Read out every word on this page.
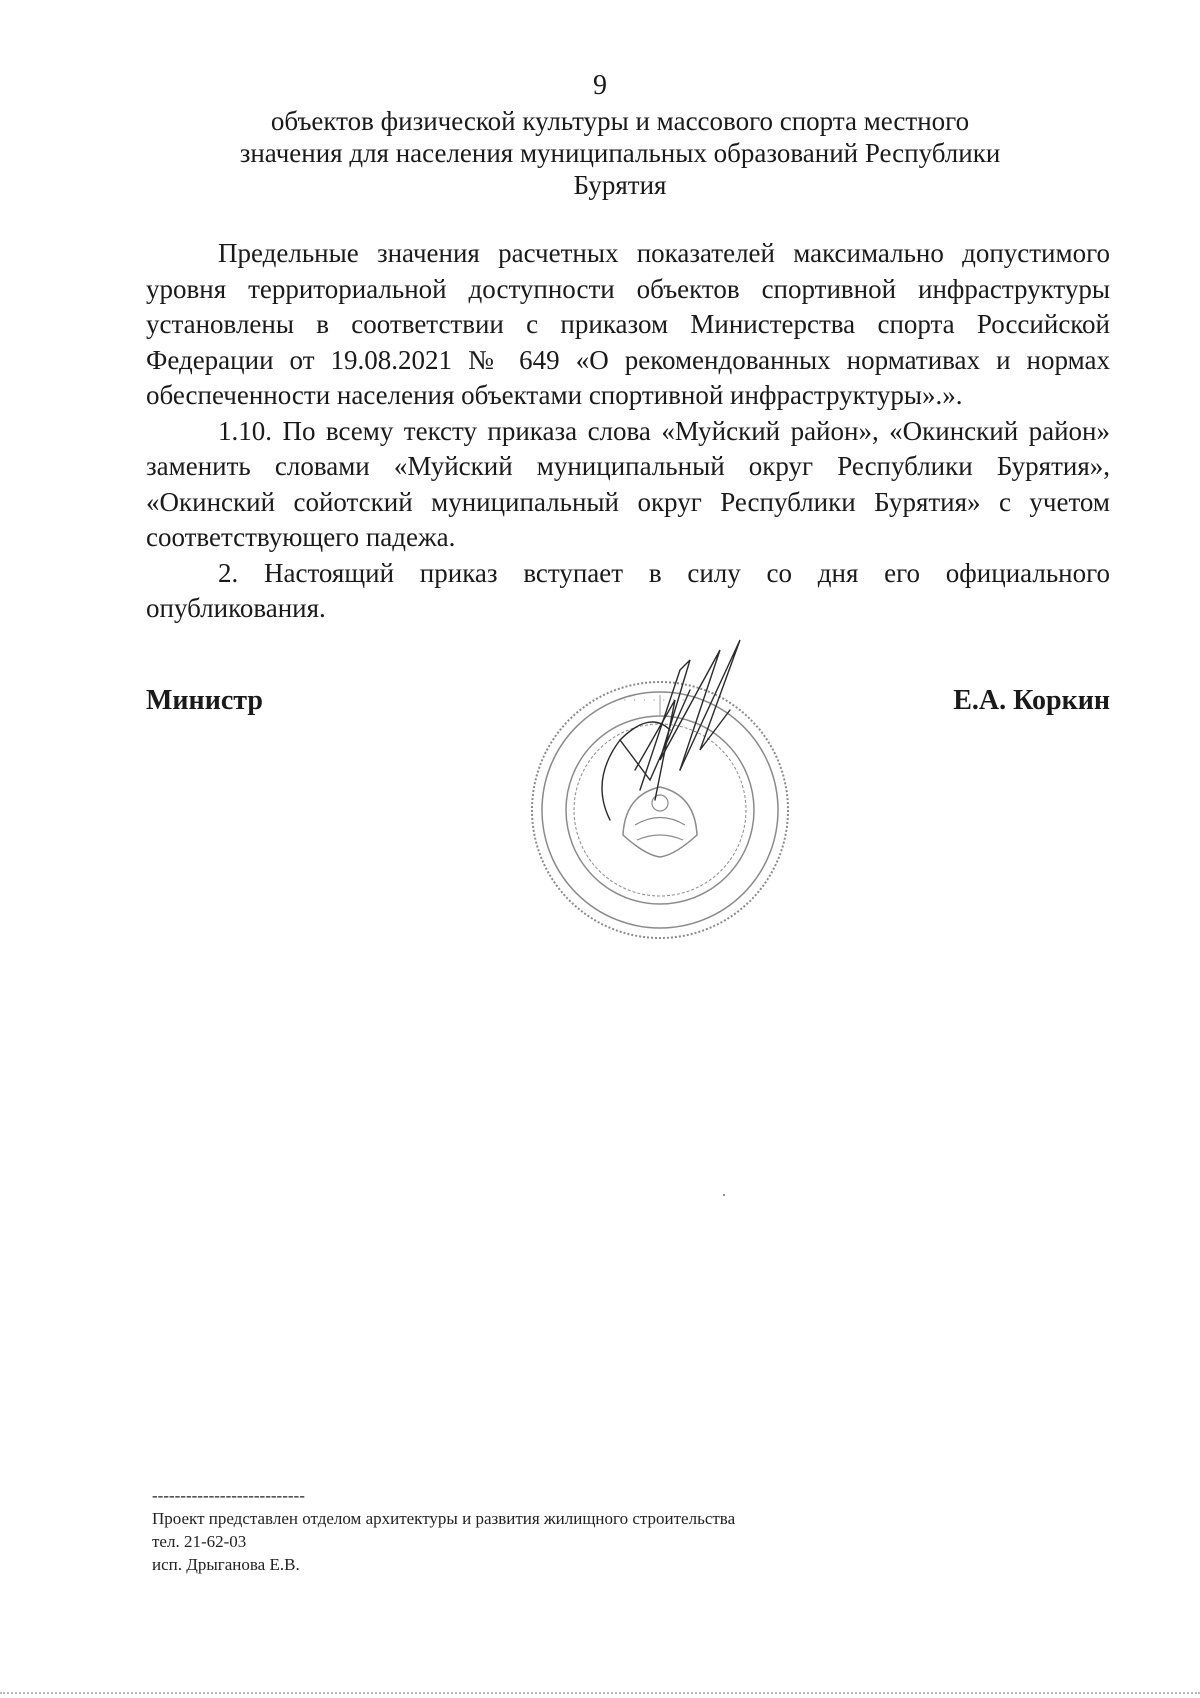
9
объектов физической культуры и массового спорта местного
значения для населения муниципальных образований Республики
Бурятия

Предельные значения расчетных показателей максимально допустимого уровня территориальной доступности объектов спортивной инфраструктуры установлены в соответствии с приказом Министерства спорта Российской Федерации от 19.08.2021 № 649 «О рекомендованных нормативах и нормах обеспеченности населения объектами спортивной инфраструктуры».».

1.10. По всему тексту приказа слова «Муйский район», «Окинский район» заменить словами «Муйский муниципальный округ Республики Бурятия», «Окинский сойотский муниципальный округ Республики Бурятия» с учетом соответствующего падежа.

2. Настоящий приказ вступает в силу со дня его официального опубликования.

· · · · · · · ·
Министр	Е.А. Коркин
---------------------------
Проект представлен отделом архитектуры и развития жилищного строительства
тел. 21-62-03
исп. Дрыганова Е.В.
